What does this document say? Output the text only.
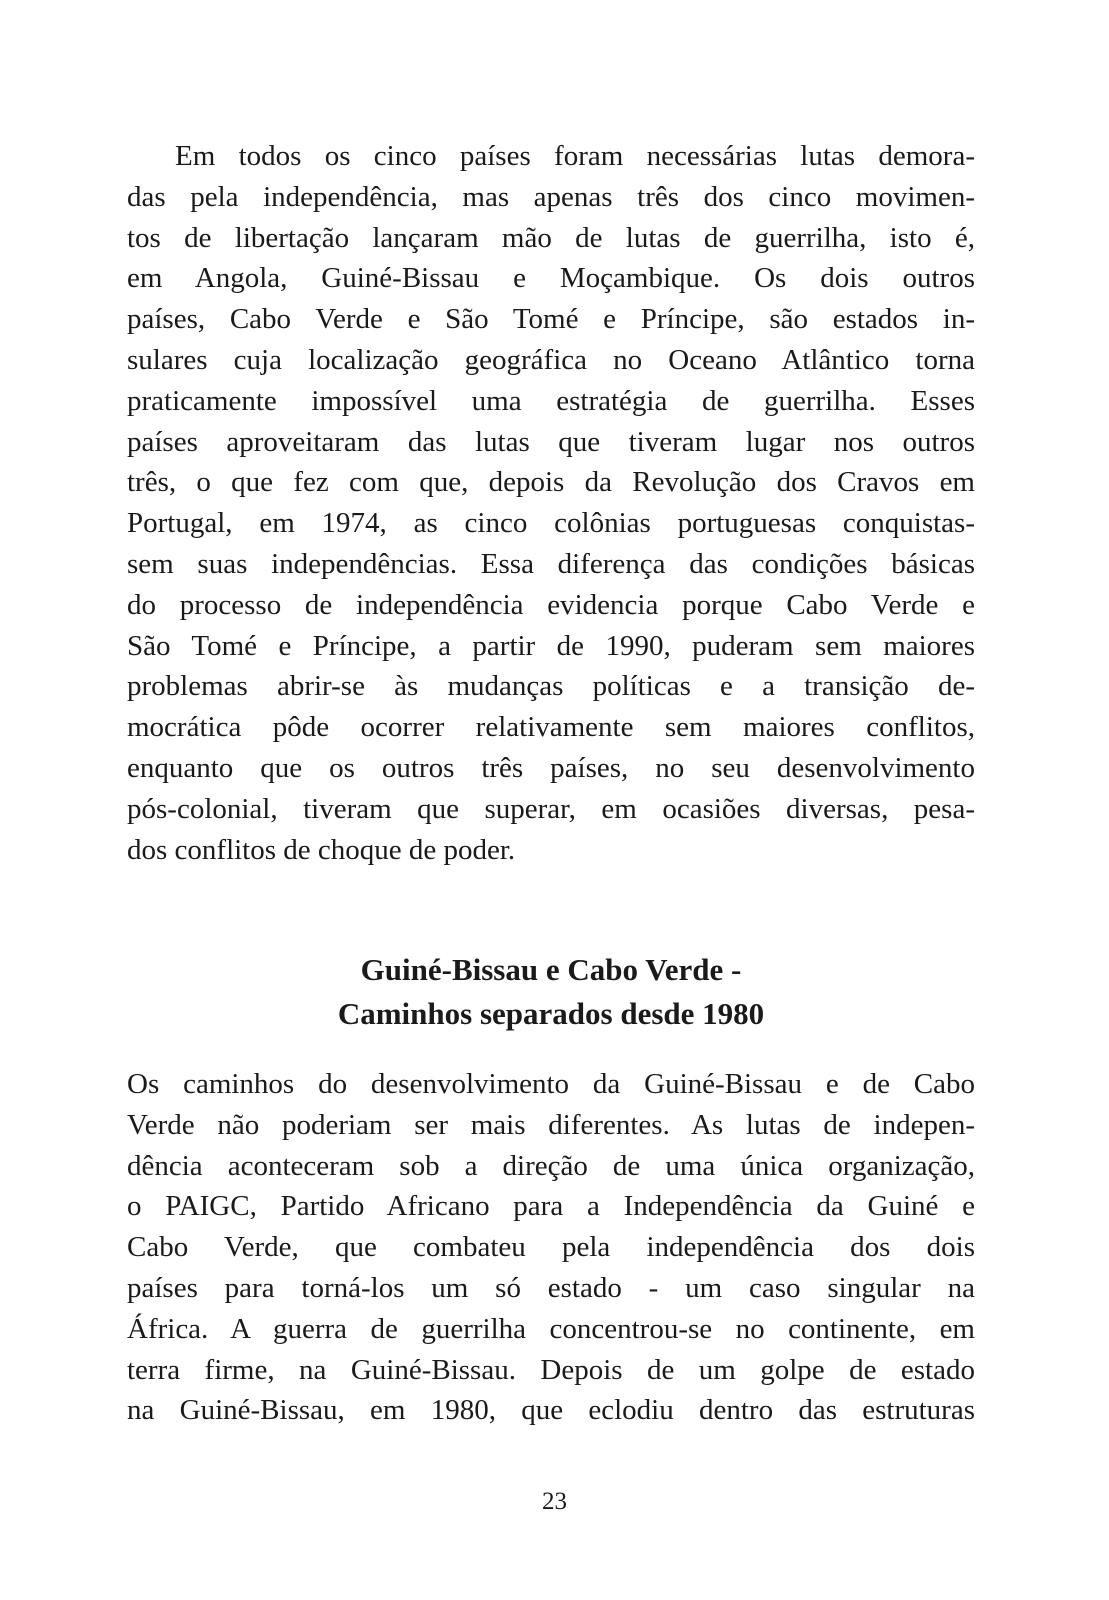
Em todos os cinco países foram necessárias lutas demora-
das pela independência, mas apenas três dos cinco movimen-
tos de libertação lançaram mão de lutas de guerrilha, isto é,
em Angola, Guiné-Bissau e Moçambique. Os dois outros
países, Cabo Verde e São Tomé e Príncipe, são estados in-
sulares cuja localização geográfica no Oceano Atlântico torna
praticamente impossível uma estratégia de guerrilha. Esses
países aproveitaram das lutas que tiveram lugar nos outros
três, o que fez com que, depois da Revolução dos Cravos em
Portugal, em 1974, as cinco colônias portuguesas conquistas-
sem suas independências. Essa diferença das condições básicas
do processo de independência evidencia porque Cabo Verde e
São Tomé e Príncipe, a partir de 1990, puderam sem maiores
problemas abrir-se às mudanças políticas e a transição de-
mocrática pôde ocorrer relativamente sem maiores conflitos,
enquanto que os outros três países, no seu desenvolvimento
pós-colonial, tiveram que superar, em ocasiões diversas, pesa-
dos conflitos de choque de poder.
Guiné-Bissau e Cabo Verde -
Caminhos separados desde 1980
Os caminhos do desenvolvimento da Guiné-Bissau e de Cabo
Verde não poderiam ser mais diferentes. As lutas de indepen-
dência aconteceram sob a direção de uma única organização,
o PAIGC, Partido Africano para a Independência da Guiné e
Cabo Verde, que combateu pela independência dos dois
países para torná-los um só estado - um caso singular na
África. A guerra de guerrilha concentrou-se no continente, em
terra firme, na Guiné-Bissau. Depois de um golpe de estado
na Guiné-Bissau, em 1980, que eclodiu dentro das estruturas
23
